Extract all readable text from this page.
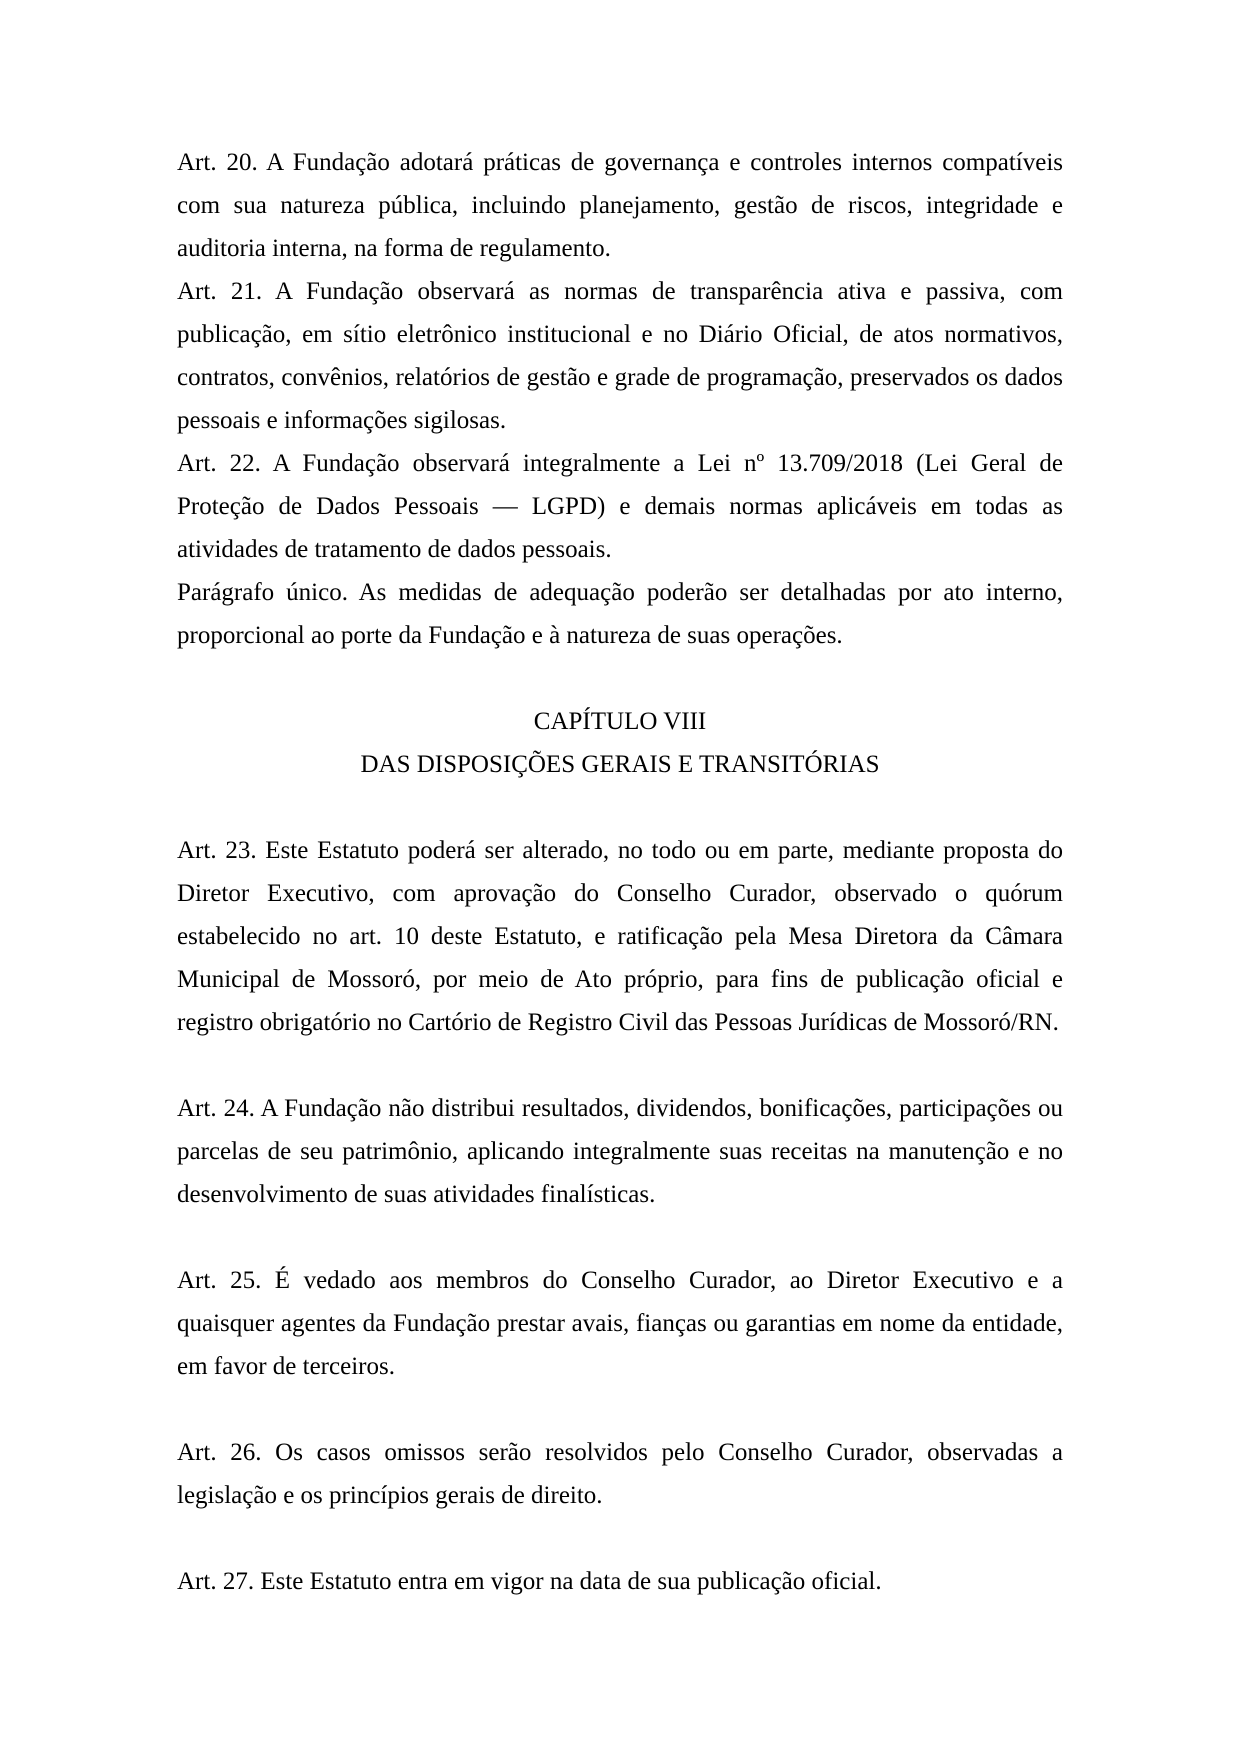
Art. 20. A Fundação adotará práticas de governança e controles internos compatíveis com sua natureza pública, incluindo planejamento, gestão de riscos, integridade e auditoria interna, na forma de regulamento.

Art. 21. A Fundação observará as normas de transparência ativa e passiva, com publicação, em sítio eletrônico institucional e no Diário Oficial, de atos normativos, contratos, convênios, relatórios de gestão e grade de programação, preservados os dados pessoais e informações sigilosas.

Art. 22. A Fundação observará integralmente a Lei nº 13.709/2018 (Lei Geral de Proteção de Dados Pessoais — LGPD) e demais normas aplicáveis em todas as atividades de tratamento de dados pessoais.

Parágrafo único. As medidas de adequação poderão ser detalhadas por ato interno, proporcional ao porte da Fundação e à natureza de suas operações.

CAPÍTULO VIII
DAS DISPOSIÇÕES GERAIS E TRANSITÓRIAS

Art. 23. Este Estatuto poderá ser alterado, no todo ou em parte, mediante proposta do Diretor Executivo, com aprovação do Conselho Curador, observado o quórum estabelecido no art. 10 deste Estatuto, e ratificação pela Mesa Diretora da Câmara Municipal de Mossoró, por meio de Ato próprio, para fins de publicação oficial e registro obrigatório no Cartório de Registro Civil das Pessoas Jurídicas de Mossoró/RN.

Art. 24. A Fundação não distribui resultados, dividendos, bonificações, participações ou parcelas de seu patrimônio, aplicando integralmente suas receitas na manutenção e no desenvolvimento de suas atividades finalísticas.

Art. 25. É vedado aos membros do Conselho Curador, ao Diretor Executivo e a quaisquer agentes da Fundação prestar avais, fianças ou garantias em nome da entidade, em favor de terceiros.

Art. 26. Os casos omissos serão resolvidos pelo Conselho Curador, observadas a legislação e os princípios gerais de direito.

Art. 27. Este Estatuto entra em vigor na data de sua publicação oficial.
